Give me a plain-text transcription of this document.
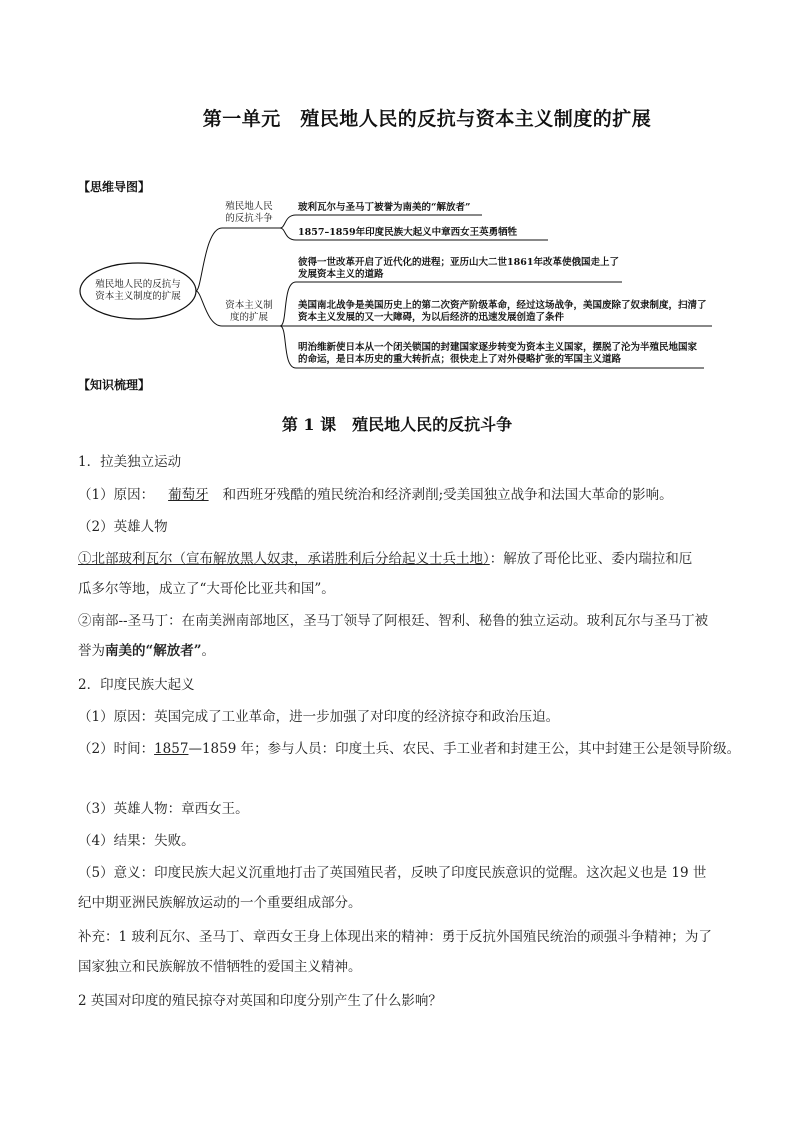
第一单元　殖民地人民的反抗与资本主义制度的扩展
【思维导图】
殖民地人民的反抗与资本主义制度的扩展
殖民地人民的反抗斗争
资本主义制度的扩展
玻利瓦尔与圣马丁被誉为南美的“解放者”
1857–1859年印度民族大起义中章西女王英勇牺牲
彼得一世改革开启了近代化的进程；亚历山大二世1861年改革使俄国走上了发展资本主义的道路
美国南北战争是美国历史上的第二次资产阶级革命，经过这场战争，美国废除了奴隶制度，扫清了资本主义发展的又一大障碍，为以后经济的迅速发展创造了条件
明治维新使日本从一个闭关锁国的封建国家逐步转变为资本主义国家，摆脱了沦为半殖民地国家的命运，是日本历史的重大转折点；很快走上了对外侵略扩张的军国主义道路
【知识梳理】
第 1 课　殖民地人民的反抗斗争
1．拉美独立运动
（1）原因： 葡萄牙 和西班牙残酷的殖民统治和经济剥削;受美国独立战争和法国大革命的影响。
（2）英雄人物
①北部玻利瓦尔（宣布解放黑人奴隶，承诺胜利后分给起义士兵土地）：解放了哥伦比亚、委内瑞拉和厄
瓜多尔等地，成立了“大哥伦比亚共和国”。
②南部--圣马丁：在南美洲南部地区，圣马丁领导了阿根廷、智利、秘鲁的独立运动。玻利瓦尔与圣马丁被
誉为南美的“解放者”。
2．印度民族大起义
（1）原因：英国完成了工业革命，进一步加强了对印度的经济掠夺和政治压迫。
（2）时间：1857—1859 年；参与人员：印度土兵、农民、手工业者和封建王公，其中封建王公是领导阶级。
（3）英雄人物：章西女王。
（4）结果：失败。
（5）意义：印度民族大起义沉重地打击了英国殖民者，反映了印度民族意识的觉醒。这次起义也是 19 世
纪中期亚洲民族解放运动的一个重要组成部分。
补充：1 玻利瓦尔、圣马丁、章西女王身上体现出来的精神：勇于反抗外国殖民统治的顽强斗争精神；为了
国家独立和民族解放不惜牺牲的爱国主义精神。
2 英国对印度的殖民掠夺对英国和印度分别产生了什么影响？
